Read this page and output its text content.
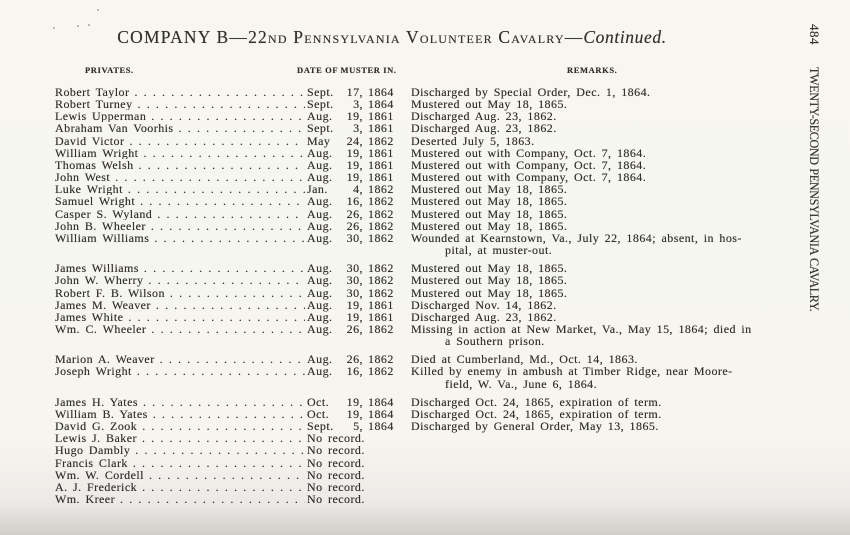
COMPANY B—22nd Pennsylvania Volunteer Cavalry—Continued.
PRIVATES.	DATE OF MUSTER IN.	REMARKS.
Robert Taylor . . .	Sept.	17 , 1864 Discharged by Special Order, Dec. 1, 1864.
Robert Turney . . .	Sept.	3 , 1864 Mustered out May 18, 1865.
Lewis Upperman . . .	Aug.	19 , 1861 Discharged Aug. 23, 1862.
Abraham Van Voorhis . . .	Sept.	3 , 1861 Discharged Aug. 23, 1862.
David Victor . . .	May	24 , 1862 Deserted July 5, 1863.
William Wright . . .	Aug.	19 , 1861 Mustered out with Company, Oct. 7, 1864.
Thomas Welsh . . .	Aug.	19 , 1861 Mustered out with Company, Oct. 7, 1864.
John West . . .	Aug.	19 , 1861 Mustered out with Company, Oct. 7, 1864.
Luke Wright . . .	Jan.	4 , 1862 Mustered out May 18, 1865.
Samuel Wright . . .	Aug.	16 , 1862 Mustered out May 18, 1865.
Casper S. Wyland . . .	Aug.	26 , 1862 Mustered out May 18, 1865.
John B. Wheeler . . .	Aug.	26 , 1862 Mustered out May 18, 1865.
William Williams . . .	Aug.	30 , 1862 Wounded at Kearnstown, Va., July 22, 1864; absent, in hos-
pital, at muster-out.
James Williams . . .	Aug.	30 , 1862 Mustered out May 18, 1865.
John W. Wherry . . .	Aug.	30 , 1862 Mustered out May 18, 1865.
Robert F. B. Wilson . . .	Aug.	30 , 1862 Mustered out May 18, 1865.
James M. Weaver . . .	Aug.	19 , 1861 Discharged Nov. 14, 1862.
James White . . .	Aug.	19 , 1861 Discharged Aug. 23, 1862.
Wm. C. Wheeler . . .	Aug.	26 , 1862 Missing in action at New Market, Va., May 15, 1864; died in
a Southern prison.
Marion A. Weaver . . .	Aug.	26 , 1862 Died at Cumberland, Md., Oct. 14, 1863.
Joseph Wright . . .	Aug.	16 , 1862 Killed by enemy in ambush at Timber Ridge, near Moore-
field, W. Va., June 6, 1864.
James H. Yates . . .	Oct.	19 , 1864 Discharged Oct. 24, 1865, expiration of term.
William B. Yates . . .	Oct.	19 , 1864 Discharged Oct. 24, 1865, expiration of term.
David G. Zook . . .	Sept.	5 , 1864 Discharged by General Order, May 13, 1865.
Lewis J. Baker . . .	No record.
Hugo Dambly . . .	No record.
Francis Clark . . .	No record.
Wm. W. Cordell . . .	No record.
A. J. Frederick . . .	No record.
Wm. Kreer . . .	No record.
484
TWENTY-SECOND PENNSYLVANIA CAVALRY.
